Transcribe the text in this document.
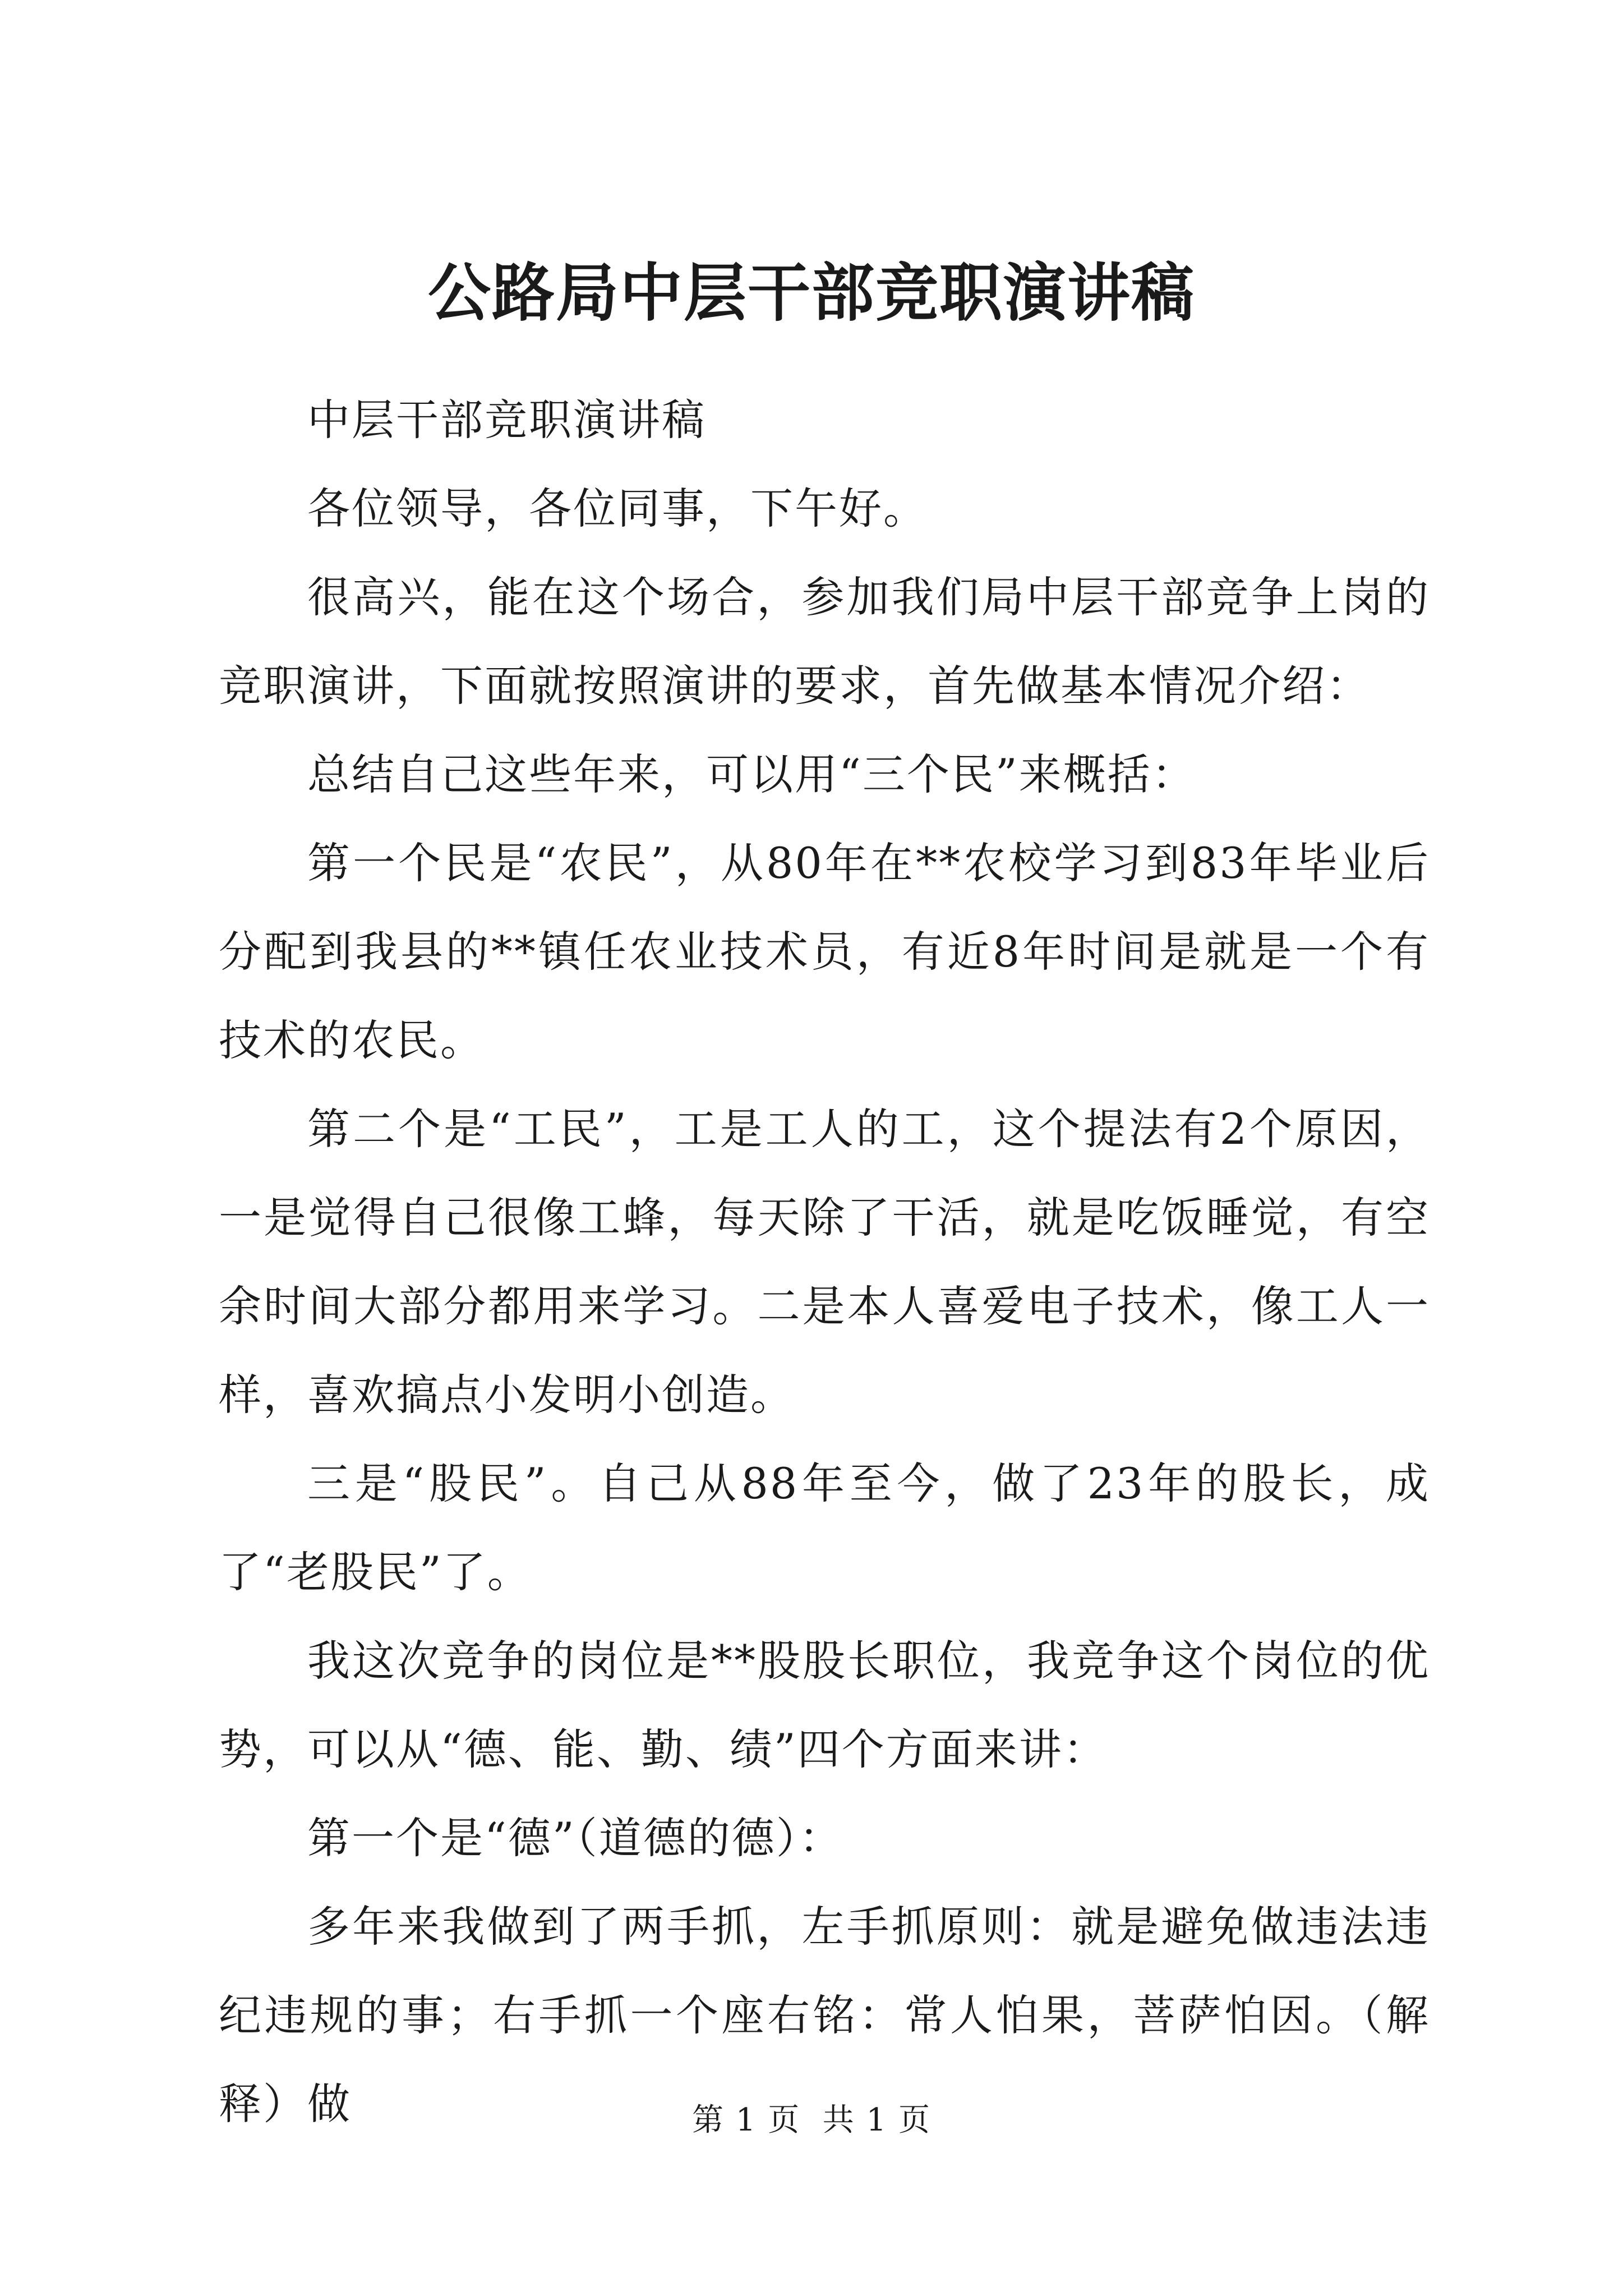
公路局中层干部竞职演讲稿

中层干部竞职演讲稿

各位领导，各位同事，下午好。

很高兴，能在这个场合，参加我们局中层干部竞争上岗的竞职演讲，下面就按照演讲的要求，首先做基本情况介绍：

总结自己这些年来，可以用“三个民”来概括：

第一个民是“农民”，从80年在**农校学习到83年毕业后分配到我县的**镇任农业技术员，有近8年时间是就是一个有技术的农民。

第二个是“工民”，工是工人的工，这个提法有2个原因，一是觉得自己很像工蜂，每天除了干活，就是吃饭睡觉，有空余时间大部分都用来学习。二是本人喜爱电子技术，像工人一样，喜欢搞点小发明小创造。

三是“股民”。自己从88年至今，做了23年的股长，成了“老股民”了。

我这次竞争的岗位是**股股长职位，我竞争这个岗位的优势，可以从“德、能、勤、绩”四个方面来讲：

第一个是“德”（道德的德）：

多年来我做到了两手抓，左手抓原则：就是避免做违法违纪违规的事；右手抓一个座右铭：常人怕果，菩萨怕因。（解释）做	第 1 页  共 1 页
